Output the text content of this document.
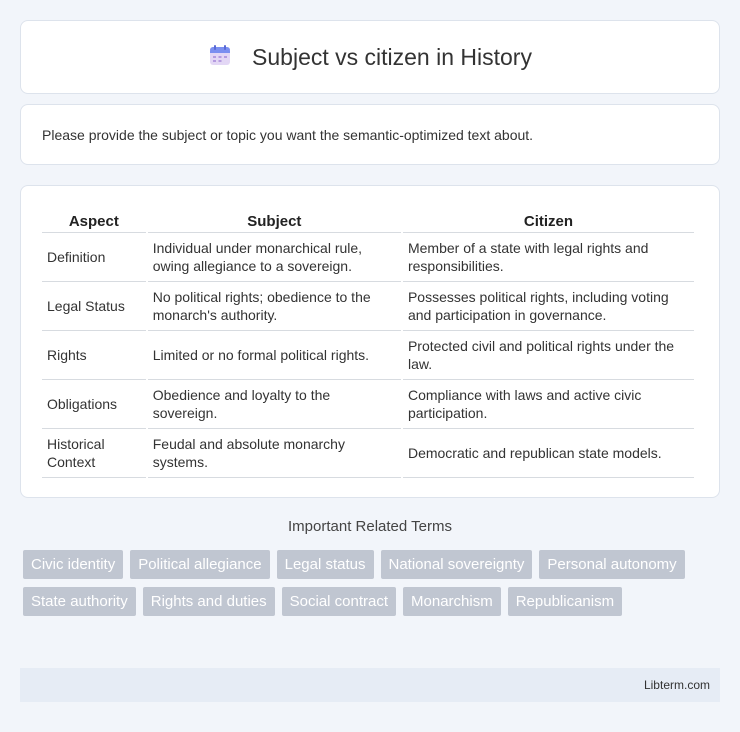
Subject vs citizen in History

Please provide the subject or topic you want the semantic-optimized text about.

Aspect	Subject	Citizen
Definition	Individual under monarchical rule, owing allegiance to a sovereign.	Member of a state with legal rights and responsibilities.
Legal Status	No political rights; obedience to the monarch's authority.	Possesses political rights, including voting and participation in governance.
Rights	Limited or no formal political rights.	Protected civil and political rights under the law.
Obligations	Obedience and loyalty to the sovereign.	Compliance with laws and active civic participation.
Historical Context	Feudal and absolute monarchy systems.	Democratic and republican state models.
Important Related Terms
Civic identity	Political allegiance	Legal status	National sovereignty	Personal autonomy
State authority	Rights and duties	Social contract	Monarchism	Republicanism
Libterm.com
